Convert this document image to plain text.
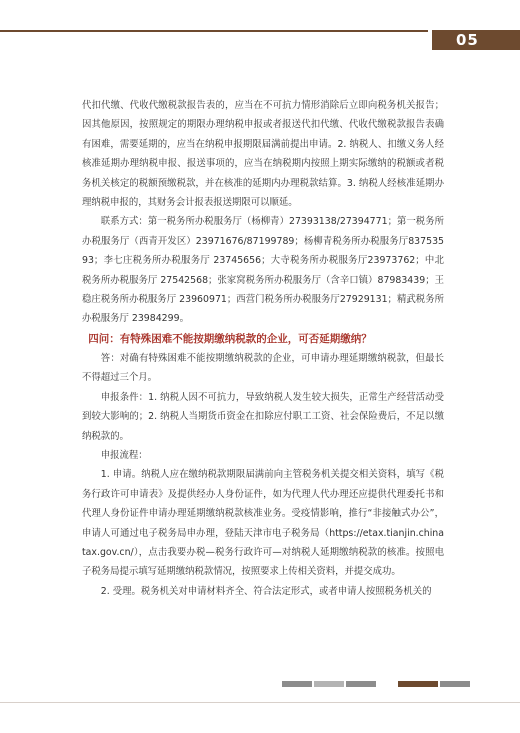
05

代扣代缴、代收代缴税款报告表的，应当在不可抗力情形消除后立即向税务机关报告；因其他原因，按照规定的期限办理纳税申报或者报送代扣代缴、代收代缴税款报告表确有困难，需要延期的，应当在纳税申报期限届满前提出申请。2. 纳税人、扣缴义务人经核准延期办理纳税申报、报送事项的，应当在纳税期内按照上期实际缴纳的税额或者税务机关核定的税额预缴税款，并在核准的延期内办理税款结算。3. 纳税人经核准延期办理纳税申报的，其财务会计报表报送期限可以顺延。

联系方式：第一税务所办税服务厅（杨柳青）27393138/27394771；第一税务所办税服务厅（西青开发区）23971676/87199789；杨柳青税务所办税服务厅83753593；李七庄税务所办税服务厅 23745656；大寺税务所办税服务厅23973762；中北税务所办税服务厅 27542568；张家窝税务所办税服务厅（含辛口镇）87983439；王稳庄税务所办税服务厅 23960971；西营门税务所办税服务厅27929131；精武税务所办税服务厅 23984299。

四问：有特殊困难不能按期缴纳税款的企业，可否延期缴纳？

答：对确有特殊困难不能按期缴纳税款的企业，可申请办理延期缴纳税款，但最长不得超过三个月。

申报条件：1. 纳税人因不可抗力，导致纳税人发生较大损失，正常生产经营活动受到较大影响的；2. 纳税人当期货币资金在扣除应付职工工资、社会保险费后，不足以缴纳税款的。

申报流程：

1. 申请。纳税人应在缴纳税款期限届满前向主管税务机关提交相关资料，填写《税务行政许可申请表》及提供经办人身份证件，如为代理人代办理还应提供代理委托书和代理人身份证件申请办理延期缴纳税款核准业务。受疫情影响，推行“非接触式办公”，申请人可通过电子税务局申办理，登陆天津市电子税务局（https://etax.tianjin.chinatax.gov.cn/），点击我要办税—税务行政许可—对纳税人延期缴纳税款的核准。按照电子税务局提示填写延期缴纳税款情况，按照要求上传相关资料，并提交成功。

2. 受理。税务机关对申请材料齐全、符合法定形式，或者申请人按照税务机关的
